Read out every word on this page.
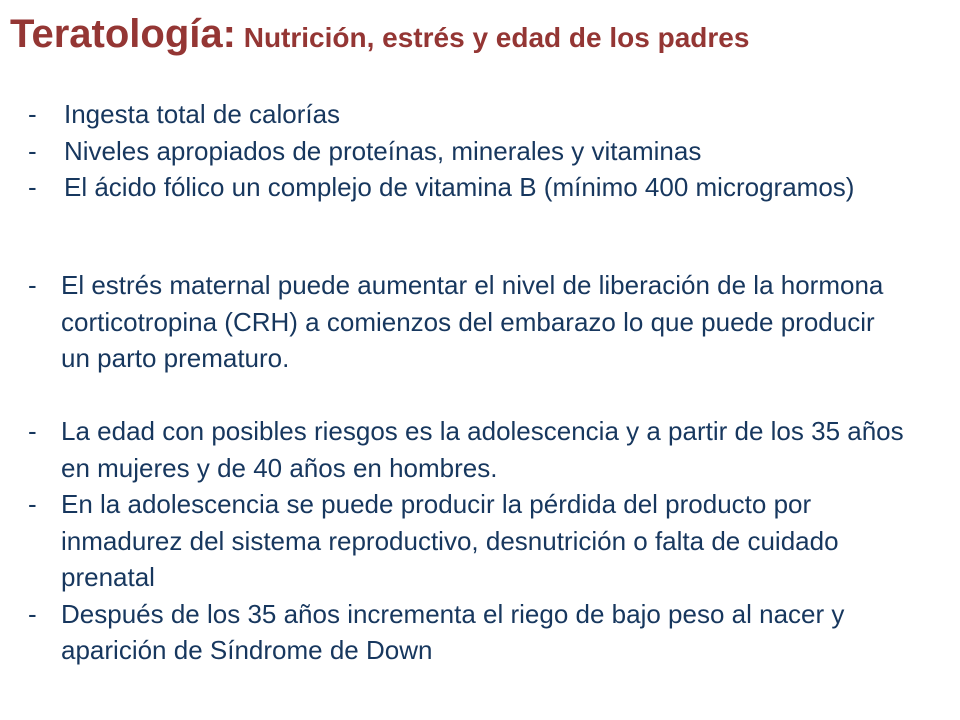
Teratología: Nutrición, estrés y edad de los padres
- Ingesta total de calorías
- Niveles apropiados de proteínas, minerales y vitaminas
- El ácido fólico un complejo de vitamina B (mínimo 400 microgramos)
- El estrés maternal puede aumentar el nivel de liberación de la hormona corticotropina (CRH) a comienzos del embarazo lo que puede producir un parto prematuro.
- La edad con posibles riesgos es la adolescencia y a partir de los 35 años en mujeres y de 40 años en hombres.
- En la adolescencia se puede producir la pérdida del producto por inmadurez del sistema reproductivo, desnutrición o falta de cuidado prenatal
- Después de los 35 años incrementa el riego de bajo peso al nacer y aparición de Síndrome de Down
